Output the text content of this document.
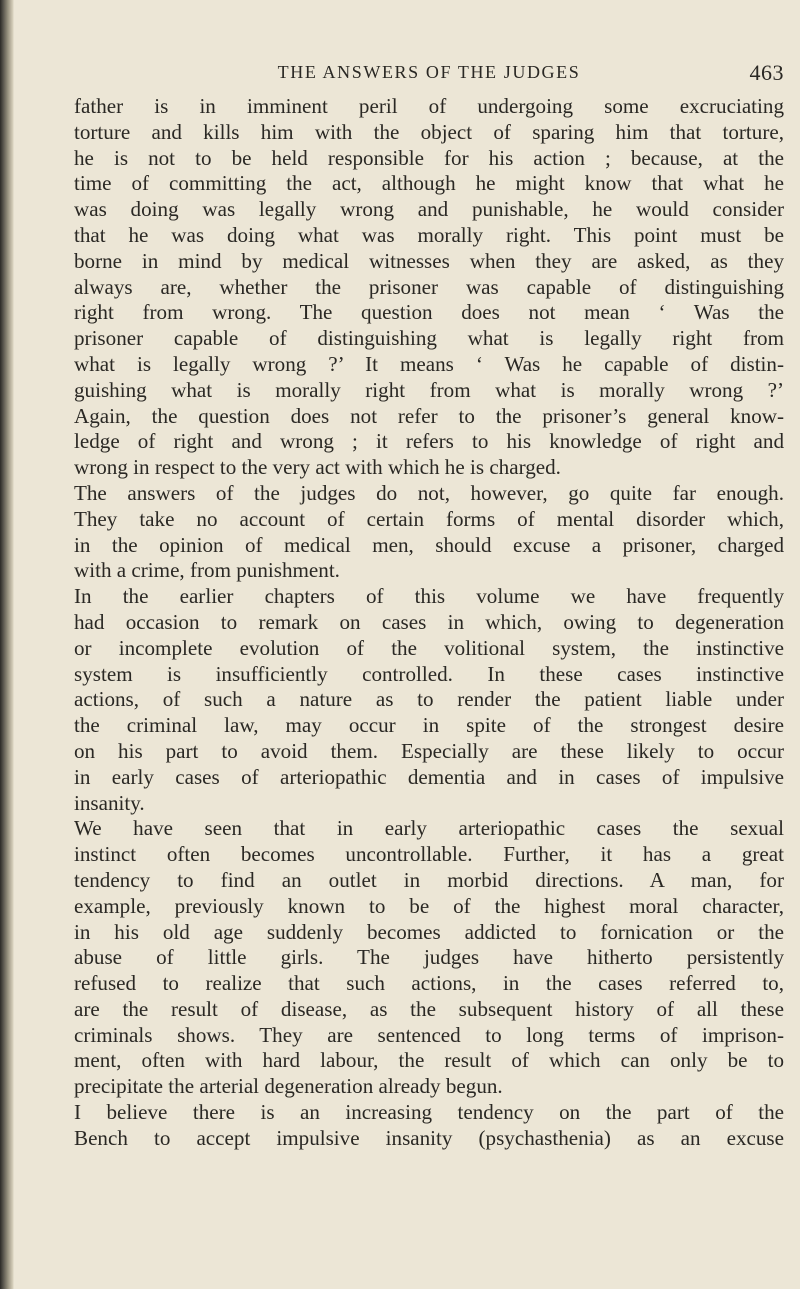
THE ANSWERS OF THE JUDGES	463
father is in imminent peril of undergoing some excruciating
torture and kills him with the object of sparing him that torture,
he is not to be held responsible for his action ; because, at the
time of committing the act, although he might know that what he
was doing was legally wrong and punishable, he would consider
that he was doing what was morally right. This point must be
borne in mind by medical witnesses when they are asked, as they
always are, whether the prisoner was capable of distinguishing
right from wrong. The question does not mean ‘ Was the
prisoner capable of distinguishing what is legally right from
what is legally wrong ?’ It means ‘ Was he capable of distin-
guishing what is morally right from what is morally wrong ?’
Again, the question does not refer to the prisoner’s general know-
ledge of right and wrong ; it refers to his knowledge of right and
wrong in respect to the very act with which he is charged.
The answers of the judges do not, however, go quite far enough.
They take no account of certain forms of mental disorder which,
in the opinion of medical men, should excuse a prisoner, charged
with a crime, from punishment.
In the earlier chapters of this volume we have frequently
had occasion to remark on cases in which, owing to degeneration
or incomplete evolution of the volitional system, the instinctive
system is insufficiently controlled. In these cases instinctive
actions, of such a nature as to render the patient liable under
the criminal law, may occur in spite of the strongest desire
on his part to avoid them. Especially are these likely to occur
in early cases of arteriopathic dementia and in cases of impulsive
insanity.
We have seen that in early arteriopathic cases the sexual
instinct often becomes uncontrollable. Further, it has a great
tendency to find an outlet in morbid directions. A man, for
example, previously known to be of the highest moral character,
in his old age suddenly becomes addicted to fornication or the
abuse of little girls. The judges have hitherto persistently
refused to realize that such actions, in the cases referred to,
are the result of disease, as the subsequent history of all these
criminals shows. They are sentenced to long terms of imprison-
ment, often with hard labour, the result of which can only be to
precipitate the arterial degeneration already begun.
I believe there is an increasing tendency on the part of the
Bench to accept impulsive insanity (psychasthenia) as an excuse
